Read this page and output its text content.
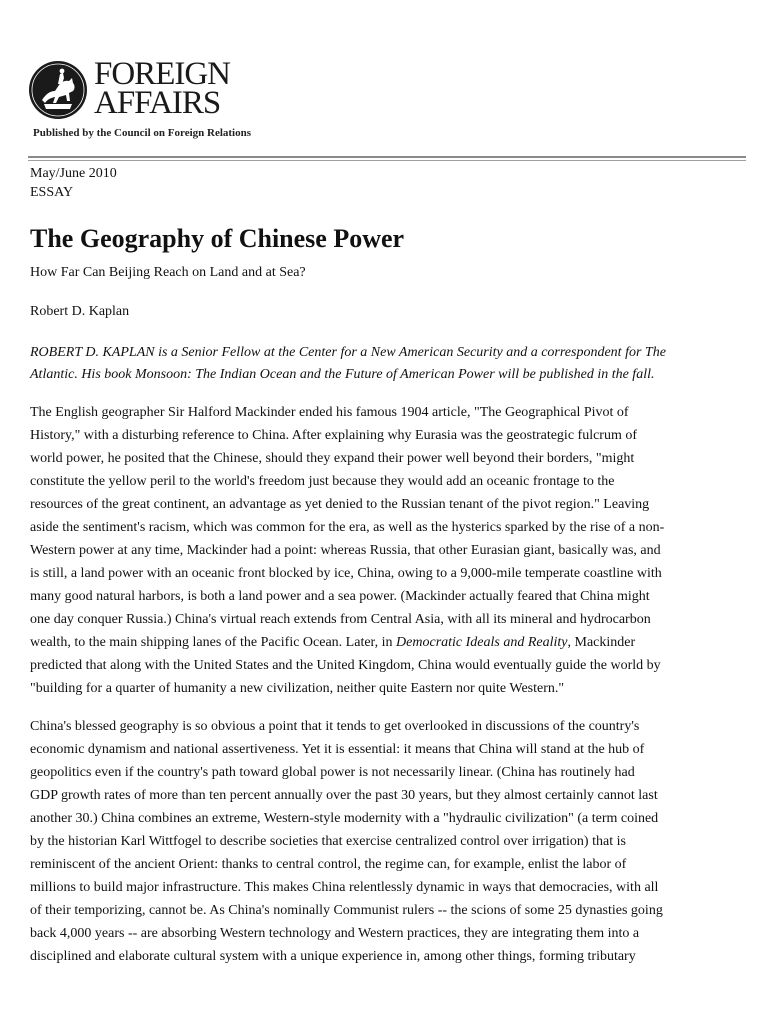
FOREIGN
AFFAIRS
Published by the Council on Foreign Relations
May/June 2010
ESSAY
The Geography of Chinese Power
How Far Can Beijing Reach on Land and at Sea?
Robert D. Kaplan

ROBERT D. KAPLAN is a Senior Fellow at the Center for a New American Security and a correspondent for The
Atlantic. His book Monsoon: The Indian Ocean and the Future of American Power will be published in the fall.

The English geographer Sir Halford Mackinder ended his famous 1904 article, "The Geographical Pivot of
History," with a disturbing reference to China. After explaining why Eurasia was the geostrategic fulcrum of
world power, he posited that the Chinese, should they expand their power well beyond their borders, "might
constitute the yellow peril to the world's freedom just because they would add an oceanic frontage to the
resources of the great continent, an advantage as yet denied to the Russian tenant of the pivot region." Leaving
aside the sentiment's racism, which was common for the era, as well as the hysterics sparked by the rise of a non-
Western power at any time, Mackinder had a point: whereas Russia, that other Eurasian giant, basically was, and
is still, a land power with an oceanic front blocked by ice, China, owing to a 9,000-mile temperate coastline with
many good natural harbors, is both a land power and a sea power. (Mackinder actually feared that China might
one day conquer Russia.) China's virtual reach extends from Central Asia, with all its mineral and hydrocarbon
wealth, to the main shipping lanes of the Pacific Ocean. Later, in Democratic Ideals and Reality, Mackinder
predicted that along with the United States and the United Kingdom, China would eventually guide the world by
"building for a quarter of humanity a new civilization, neither quite Eastern nor quite Western."

China's blessed geography is so obvious a point that it tends to get overlooked in discussions of the country's
economic dynamism and national assertiveness. Yet it is essential: it means that China will stand at the hub of
geopolitics even if the country's path toward global power is not necessarily linear. (China has routinely had
GDP growth rates of more than ten percent annually over the past 30 years, but they almost certainly cannot last
another 30.) China combines an extreme, Western-style modernity with a "hydraulic civilization" (a term coined
by the historian Karl Wittfogel to describe societies that exercise centralized control over irrigation) that is
reminiscent of the ancient Orient: thanks to central control, the regime can, for example, enlist the labor of
millions to build major infrastructure. This makes China relentlessly dynamic in ways that democracies, with all
of their temporizing, cannot be. As China's nominally Communist rulers -- the scions of some 25 dynasties going
back 4,000 years -- are absorbing Western technology and Western practices, they are integrating them into a
disciplined and elaborate cultural system with a unique experience in, among other things, forming tributary
